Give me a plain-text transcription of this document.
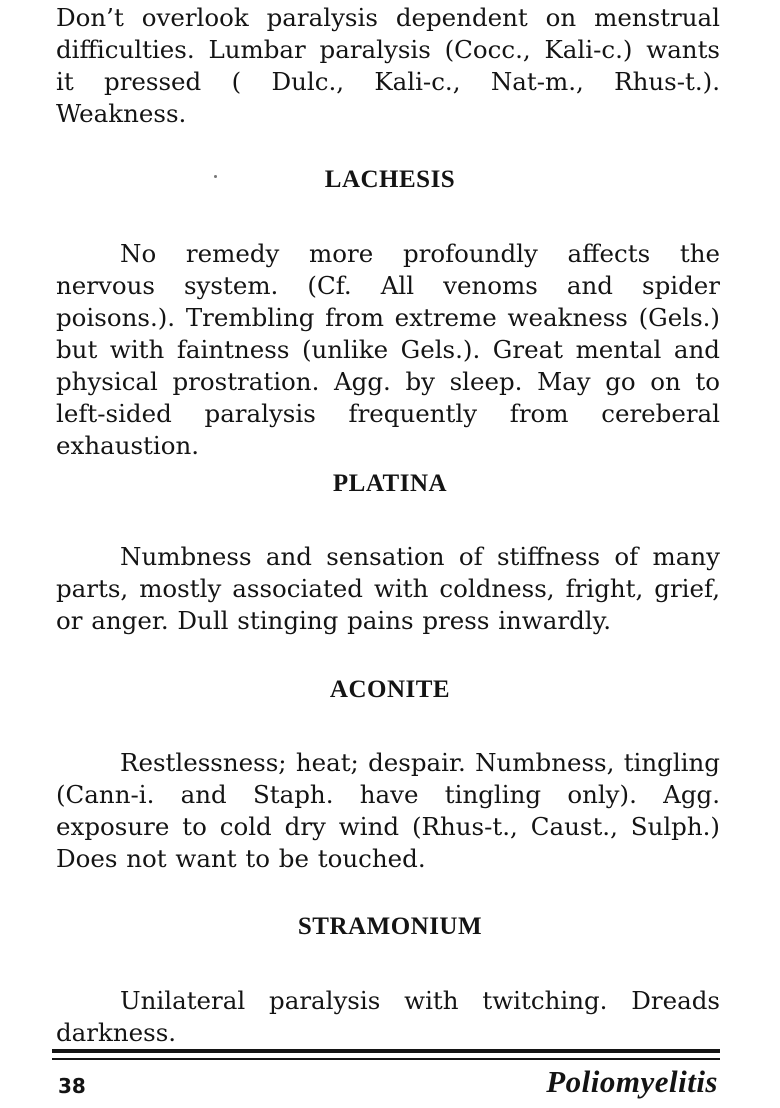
Don’t overlook paralysis dependent on menstrual difficulties. Lumbar paralysis (Cocc., Kali-c.) wants it pressed ( Dulc., Kali-c., Nat-m., Rhus-t.). Weakness.

LACHESIS

No remedy more profoundly affects the nervous system. (Cf. All venoms and spider poisons.). Trembling from extreme weakness (Gels.) but with faintness (unlike Gels.). Great mental and physical prostration. Agg. by sleep. May go on to left-sided paralysis frequently from cereberal exhaustion.

PLATINA

Numbness and sensation of stiffness of many parts, mostly associated with coldness, fright, grief, or anger. Dull stinging pains press inwardly.

ACONITE

Restlessness; heat; despair. Numbness, tingling (Cann-i. and Staph. have tingling only). Agg. exposure to cold dry wind (Rhus-t., Caust., Sulph.) Does not want to be touched.

STRAMONIUM

Unilateral paralysis with twitching. Dreads darkness.

38	Poliomyelitis
